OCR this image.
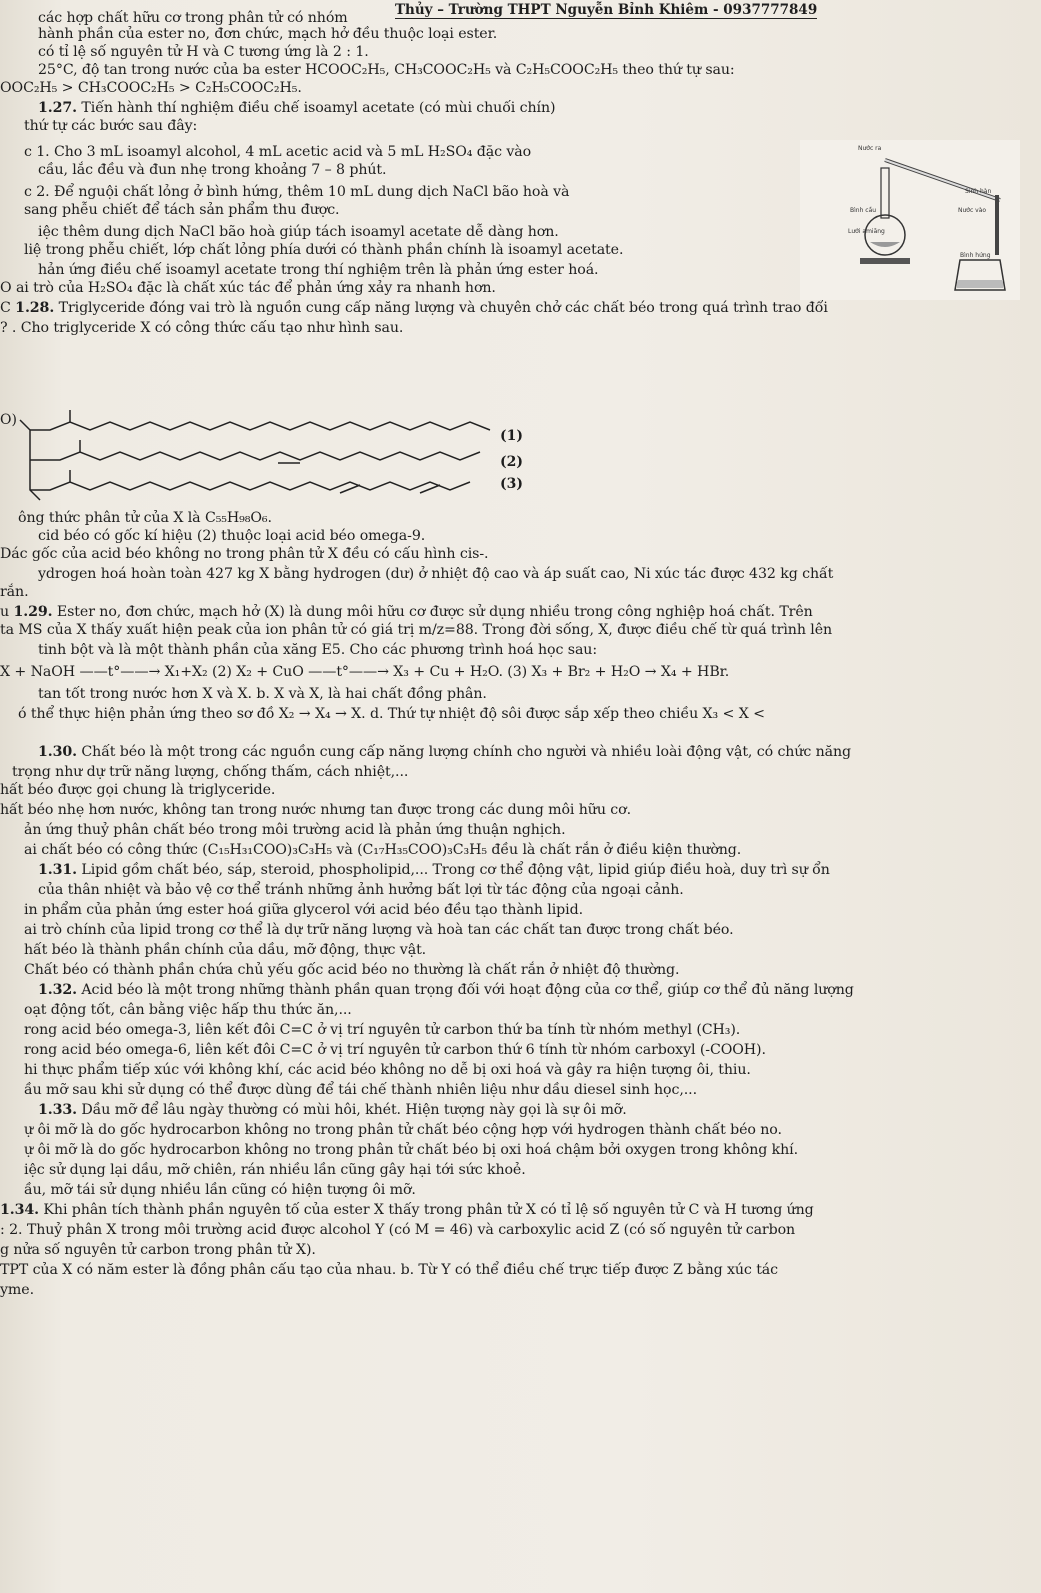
Thủy – Trường THPT Nguyễn Bỉnh Khiêm - 0937777849
các hợp chất hữu cơ trong phân tử có nhóm
hành phần của ester no, đơn chức, mạch hở đều thuộc loại ester.
có tỉ lệ số nguyên tử H và C tương ứng là 2 : 1.
25°C, độ tan trong nước của ba ester HCOOC₂H₅, CH₃COOC₂H₅ và C₂H₅COOC₂H₅ theo thứ tự sau:
OOC₂H₅ > CH₃COOC₂H₅ > C₂H₅COOC₂H₅.
1.27. Tiến hành thí nghiệm điều chế isoamyl acetate (có mùi chuối chín)
thứ tự các bước sau đây:
c 1. Cho 3 mL isoamyl alcohol, 4 mL acetic acid và 5 mL H₂SO₄ đặc vào
cầu, lắc đều và đun nhẹ trong khoảng 7 – 8 phút.
c 2. Để nguội chất lỏng ở bình hứng, thêm 10 mL dung dịch NaCl bão hoà và
sang phễu chiết để tách sản phẩm thu được.
iệc thêm dung dịch NaCl bão hoà giúp tách isoamyl acetate dễ dàng hơn.
liệ trong phễu chiết, lớp chất lỏng phía dưới có thành phần chính là isoamyl acetate.
hản ứng điều chế isoamyl acetate trong thí nghiệm trên là phản ứng ester hoá.
O ai trò của H₂SO₄ đặc là chất xúc tác để phản ứng xảy ra nhanh hơn.
C 1.28. Triglyceride đóng vai trò là nguồn cung cấp năng lượng và chuyên chở các chất béo trong quá trình trao đổi
? . Cho triglyceride X có công thức cấu tạo như hình sau.
ông thức phân tử của X là C₅₅H₉₈O₆.
cid béo có gốc kí hiệu (2) thuộc loại acid béo omega-9.
Dác gốc của acid béo không no trong phân tử X đều có cấu hình cis-.
ydrogen hoá hoàn toàn 427 kg X bằng hydrogen (dư) ở nhiệt độ cao và áp suất cao, Ni xúc tác được 432 kg chất
rắn.
u 1.29. Ester no, đơn chức, mạch hở (X) là dung môi hữu cơ được sử dụng nhiều trong công nghiệp hoá chất. Trên
ta MS của X thấy xuất hiện peak của ion phân tử có giá trị m/z=88. Trong đời sống, X, được điều chế từ quá trình lên
tinh bột và là một thành phần của xăng E5. Cho các phương trình hoá học sau:
X + NaOH ——t°——→ X₁+X₂ (2) X₂ + CuO ——t°——→ X₃ + Cu + H₂O. (3) X₃ + Br₂ + H₂O → X₄ + HBr.
tan tốt trong nước hơn X và X. b. X và X, là hai chất đồng phân.
ó thể thực hiện phản ứng theo sơ đồ X₂ → X₄ → X. d. Thứ tự nhiệt độ sôi được sắp xếp theo chiều X₃ < X <
1.30. Chất béo là một trong các nguồn cung cấp năng lượng chính cho người và nhiều loài động vật, có chức năng
trọng như dự trữ năng lượng, chống thấm, cách nhiệt,...
hất béo được gọi chung là triglyceride.
hất béo nhẹ hơn nước, không tan trong nước nhưng tan được trong các dung môi hữu cơ.
ản ứng thuỷ phân chất béo trong môi trường acid là phản ứng thuận nghịch.
ai chất béo có công thức (C₁₅H₃₁COO)₃C₃H₅ và (C₁₇H₃₅COO)₃C₃H₅ đều là chất rắn ở điều kiện thường.
1.31. Lipid gồm chất béo, sáp, steroid, phospholipid,... Trong cơ thể động vật, lipid giúp điều hoà, duy trì sự ổn
của thân nhiệt và bảo vệ cơ thể tránh những ảnh hưởng bất lợi từ tác động của ngoại cảnh.
in phẩm của phản ứng ester hoá giữa glycerol với acid béo đều tạo thành lipid.
ai trò chính của lipid trong cơ thể là dự trữ năng lượng và hoà tan các chất tan được trong chất béo.
hất béo là thành phần chính của dầu, mỡ động, thực vật.
Chất béo có thành phần chứa chủ yếu gốc acid béo no thường là chất rắn ở nhiệt độ thường.
1.32. Acid béo là một trong những thành phần quan trọng đối với hoạt động của cơ thể, giúp cơ thể đủ năng lượng
oạt động tốt, cân bằng việc hấp thu thức ăn,...
rong acid béo omega-3, liên kết đôi C=C ở vị trí nguyên tử carbon thứ ba tính từ nhóm methyl (CH₃).
rong acid béo omega-6, liên kết đôi C=C ở vị trí nguyên tử carbon thứ 6 tính từ nhóm carboxyl (-COOH).
hi thực phẩm tiếp xúc với không khí, các acid béo không no dễ bị oxi hoá và gây ra hiện tượng ôi, thiu.
ầu mỡ sau khi sử dụng có thể được dùng để tái chế thành nhiên liệu như dầu diesel sinh học,...
1.33. Dầu mỡ để lâu ngày thường có mùi hôi, khét. Hiện tượng này gọi là sự ôi mỡ.
ự ôi mỡ là do gốc hydrocarbon không no trong phân tử chất béo cộng hợp với hydrogen thành chất béo no.
ự ôi mỡ là do gốc hydrocarbon không no trong phân tử chất béo bị oxi hoá chậm bởi oxygen trong không khí.
iệc sử dụng lại dầu, mỡ chiên, rán nhiều lần cũng gây hại tới sức khoẻ.
ầu, mỡ tái sử dụng nhiều lần cũng có hiện tượng ôi mỡ.
1.34. Khi phân tích thành phần nguyên tố của ester X thấy trong phân tử X có tỉ lệ số nguyên tử C và H tương ứng
: 2. Thuỷ phân X trong môi trường acid được alcohol Y (có M = 46) và carboxylic acid Z (có số nguyên tử carbon
g nửa số nguyên tử carbon trong phân tử X).
TPT của X có năm ester là đồng phân cấu tạo của nhau. b. Từ Y có thể điều chế trực tiếp được Z bằng xúc tác
yme.
Nước ra
Sinh hàn
Bình cầu	Nước vào
Lưới amiăng
Bình hứng
O)
(1)
(2)
(3)
